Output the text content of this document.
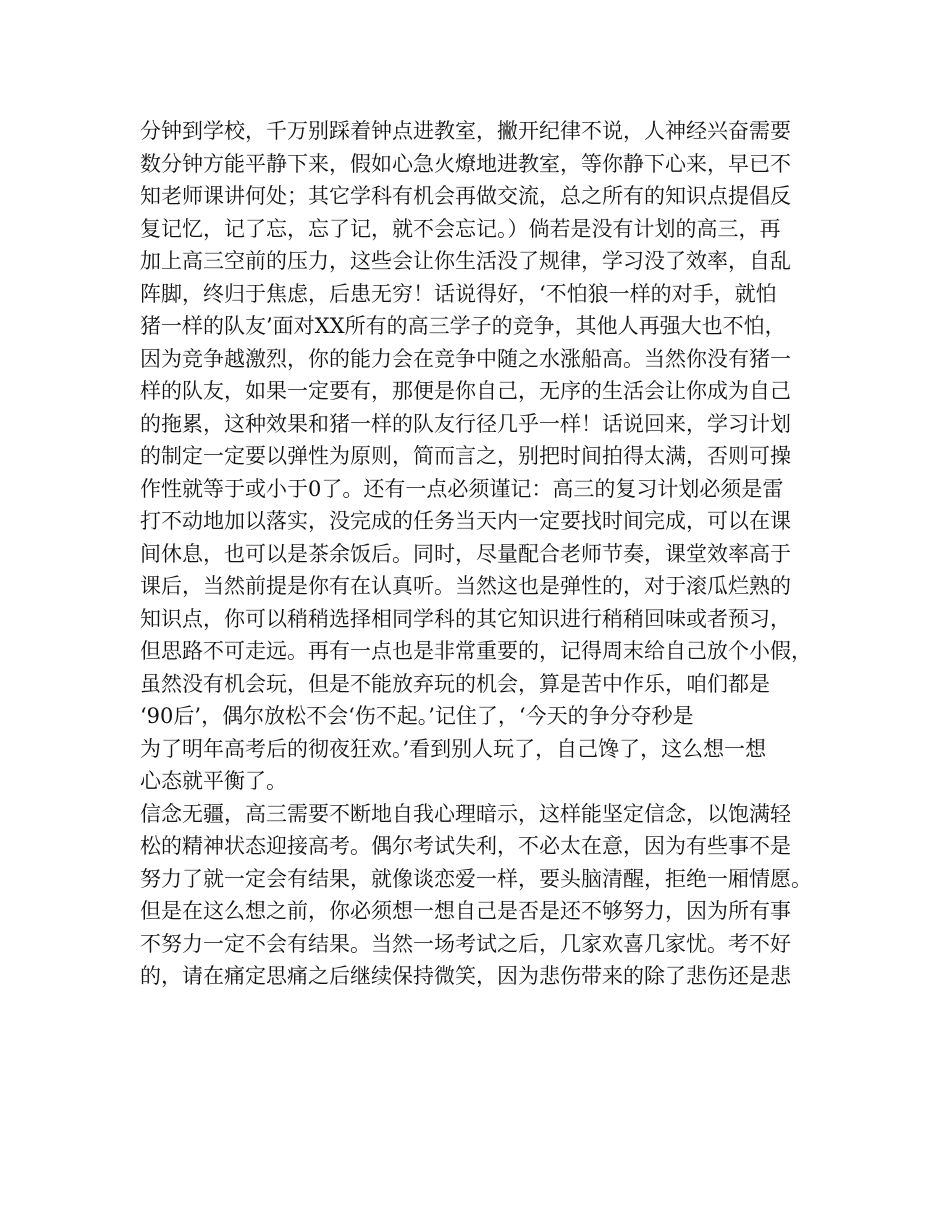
分钟到学校，千万别踩着钟点进教室，撇开纪律不说，人神经兴奋需要
数分钟方能平静下来，假如心急火燎地进教室，等你静下心来，早已不
知老师课讲何处；其它学科有机会再做交流，总之所有的知识点提倡反
复记忆，记了忘，忘了记，就不会忘记。）倘若是没有计划的高三，再
加上高三空前的压力，这些会让你生活没了规律，学习没了效率，自乱
阵脚，终归于焦虑，后患无穷！话说得好，‘不怕狼一样的对手，就怕
猪一样的队友’面对XX所有的高三学子的竞争，其他人再强大也不怕，
因为竞争越激烈，你的能力会在竞争中随之水涨船高。当然你没有猪一
样的队友，如果一定要有，那便是你自己，无序的生活会让你成为自己
的拖累，这种效果和猪一样的队友行径几乎一样！话说回来，学习计划
的制定一定要以弹性为原则，简而言之，别把时间拍得太满，否则可操
作性就等于或小于0了。还有一点必须谨记：高三的复习计划必须是雷
打不动地加以落实，没完成的任务当天内一定要找时间完成，可以在课
间休息，也可以是茶余饭后。同时，尽量配合老师节奏，课堂效率高于
课后，当然前提是你有在认真听。当然这也是弹性的，对于滚瓜烂熟的
知识点，你可以稍稍选择相同学科的其它知识进行稍稍回味或者预习，
但思路不可走远。再有一点也是非常重要的，记得周末给自己放个小假，
虽然没有机会玩，但是不能放弃玩的机会，算是苦中作乐，咱们都是
‘90后’，偶尔放松不会‘伤不起。’记住了，‘今天的争分夺秒是
为了明年高考后的彻夜狂欢。’看到别人玩了，自己馋了，这么想一想
心态就平衡了。
信念无疆，高三需要不断地自我心理暗示，这样能坚定信念，以饱满轻
松的精神状态迎接高考。偶尔考试失利，不必太在意，因为有些事不是
努力了就一定会有结果，就像谈恋爱一样，要头脑清醒，拒绝一厢情愿。
但是在这么想之前，你必须想一想自己是否是还不够努力，因为所有事
不努力一定不会有结果。当然一场考试之后，几家欢喜几家忧。考不好
的，请在痛定思痛之后继续保持微笑，因为悲伤带来的除了悲伤还是悲
